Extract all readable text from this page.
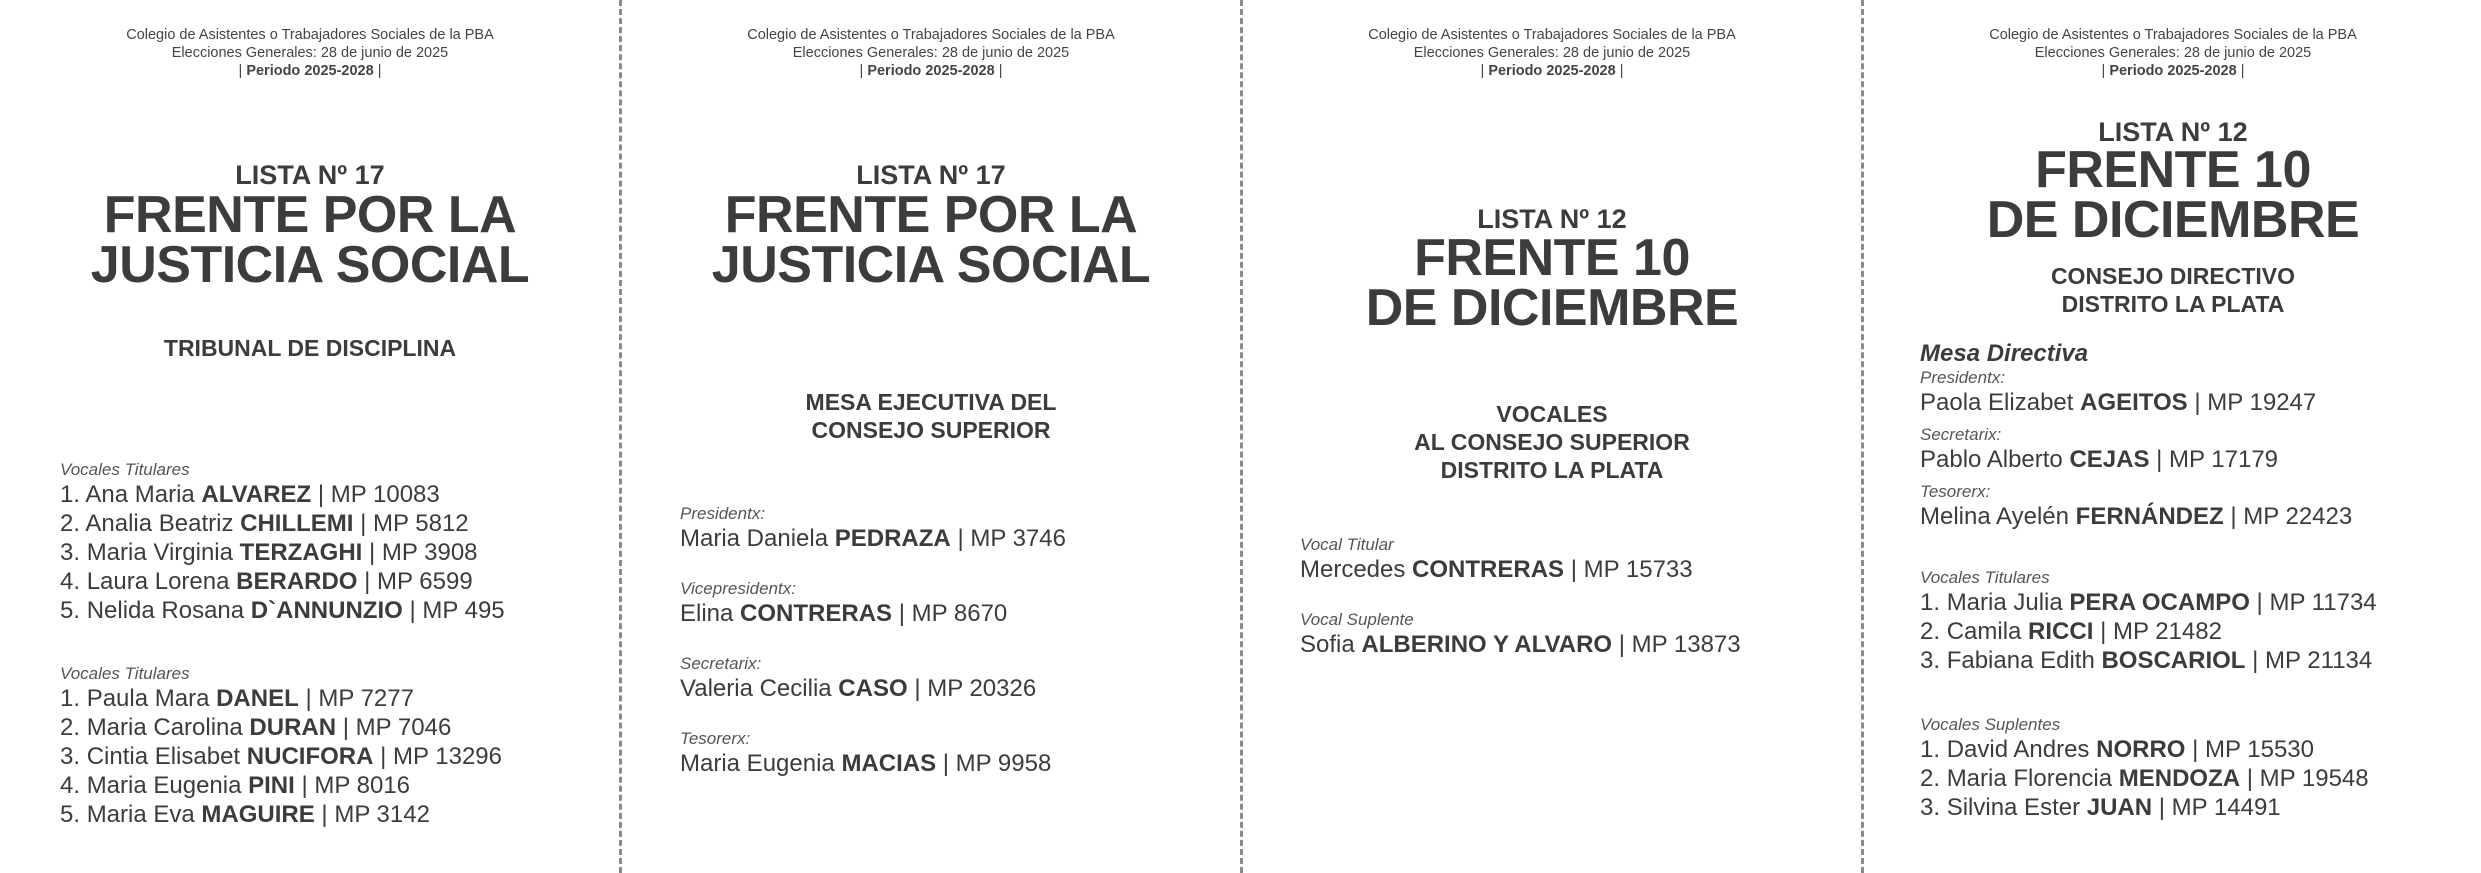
Colegio de Asistentes o Trabajadores Sociales de la PBA
Elecciones Generales: 28 de junio de 2025
| Periodo 2025-2028 |
LISTA Nº 17
FRENTE POR LA
JUSTICIA SOCIAL
TRIBUNAL DE DISCIPLINA
Vocales Titulares
1. Ana Maria ALVAREZ | MP 10083
2. Analia Beatriz CHILLEMI | MP 5812
3. Maria Virginia TERZAGHI | MP 3908
4. Laura Lorena BERARDO | MP 6599
5. Nelida Rosana D`ANNUNZIO | MP 495
Vocales Titulares
1. Paula Mara DANEL | MP 7277
2. Maria Carolina DURAN | MP 7046
3. Cintia Elisabet NUCIFORA | MP 13296
4. Maria Eugenia PINI | MP 8016
5. Maria Eva MAGUIRE | MP 3142
Colegio de Asistentes o Trabajadores Sociales de la PBA
Elecciones Generales: 28 de junio de 2025
| Periodo 2025-2028 |
LISTA Nº 17
FRENTE POR LA
JUSTICIA SOCIAL
MESA EJECUTIVA DEL
CONSEJO SUPERIOR
Presidentx:
Maria Daniela PEDRAZA | MP 3746
Vicepresidentx:
Elina CONTRERAS | MP 8670
Secretarix:
Valeria Cecilia CASO | MP 20326
Tesorerx:
Maria Eugenia MACIAS | MP 9958
Colegio de Asistentes o Trabajadores Sociales de la PBA
Elecciones Generales: 28 de junio de 2025
| Periodo 2025-2028 |
LISTA Nº 12
FRENTE 10
DE DICIEMBRE
VOCALES
AL CONSEJO SUPERIOR
DISTRITO LA PLATA
Vocal Titular
Mercedes CONTRERAS | MP 15733
Vocal Suplente
Sofia ALBERINO Y ALVARO | MP 13873
Colegio de Asistentes o Trabajadores Sociales de la PBA
Elecciones Generales: 28 de junio de 2025
| Periodo 2025-2028 |
LISTA Nº 12
FRENTE 10
DE DICIEMBRE
CONSEJO DIRECTIVO
DISTRITO LA PLATA
Mesa Directiva
Presidentx:
Paola Elizabet AGEITOS | MP 19247
Secretarix:
Pablo Alberto CEJAS | MP 17179
Tesorerx:
Melina Ayelén FERNÁNDEZ | MP 22423
Vocales Titulares
1. Maria Julia PERA OCAMPO | MP 11734
2. Camila RICCI | MP 21482
3. Fabiana Edith BOSCARIOL | MP 21134
Vocales Suplentes
1. David Andres NORRO | MP 15530
2. Maria Florencia MENDOZA | MP 19548
3. Silvina Ester JUAN | MP 14491
